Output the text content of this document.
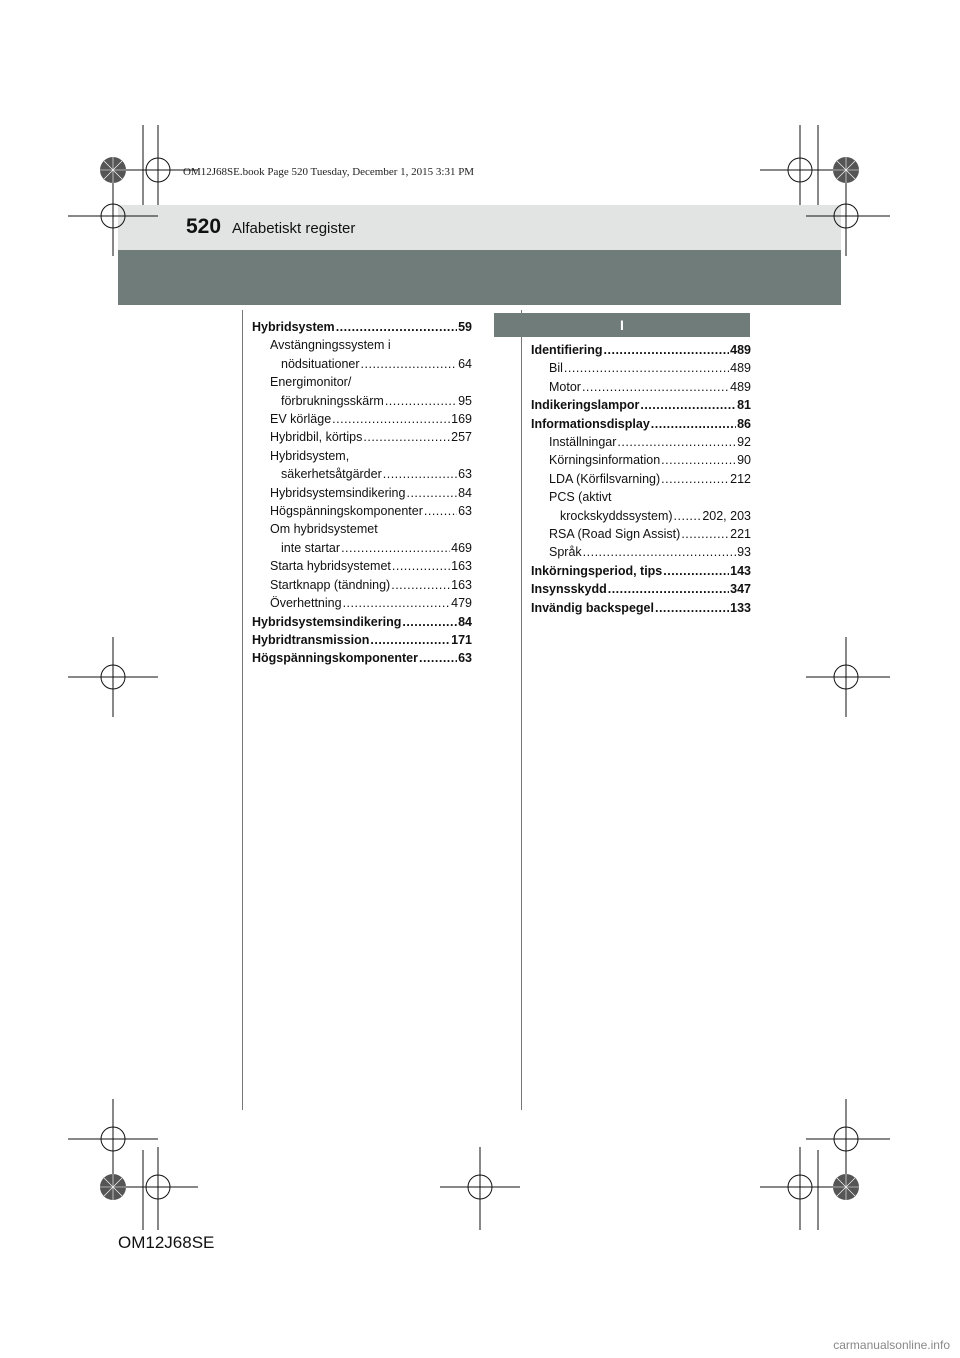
OM12J68SE.book Page 520 Tuesday, December 1, 2015 3:31 PM
520 Alfabetiskt register
I
Hybridsystem .....	59
Avstängningssystem i
nödsituationer .....	64
Energimonitor/
förbrukningsskärm .....	95
EV körläge .....	169
Hybridbil, körtips .....	257
Hybridsystem,
säkerhetsåtgärder .....	63
Hybridsystemsindikering .....	84
Högspänningskomponenter .....	63
Om hybridsystemet
inte startar .....	469
Starta hybridsystemet .....	163
Startknapp (tändning) .....	163
Överhettning .....	479
Hybridsystemsindikering .....	84
Hybridtransmission .....	171
Högspänningskomponenter .....	63
Identifiering .....	489
Bil .....	489
Motor .....	489
Indikeringslampor .....	81
Informationsdisplay .....	86
Inställningar .....	92
Körningsinformation .....	90
LDA (Körfilsvarning) .....	212
PCS (aktivt
krockskyddssystem) ..... 202, 203
RSA (Road Sign Assist) .....	221
Språk .....	93
Inkörningsperiod, tips .....	143
Insynsskydd .....	347
Invändig backspegel .....	133
OM12J68SE
carmanualsonline.info
